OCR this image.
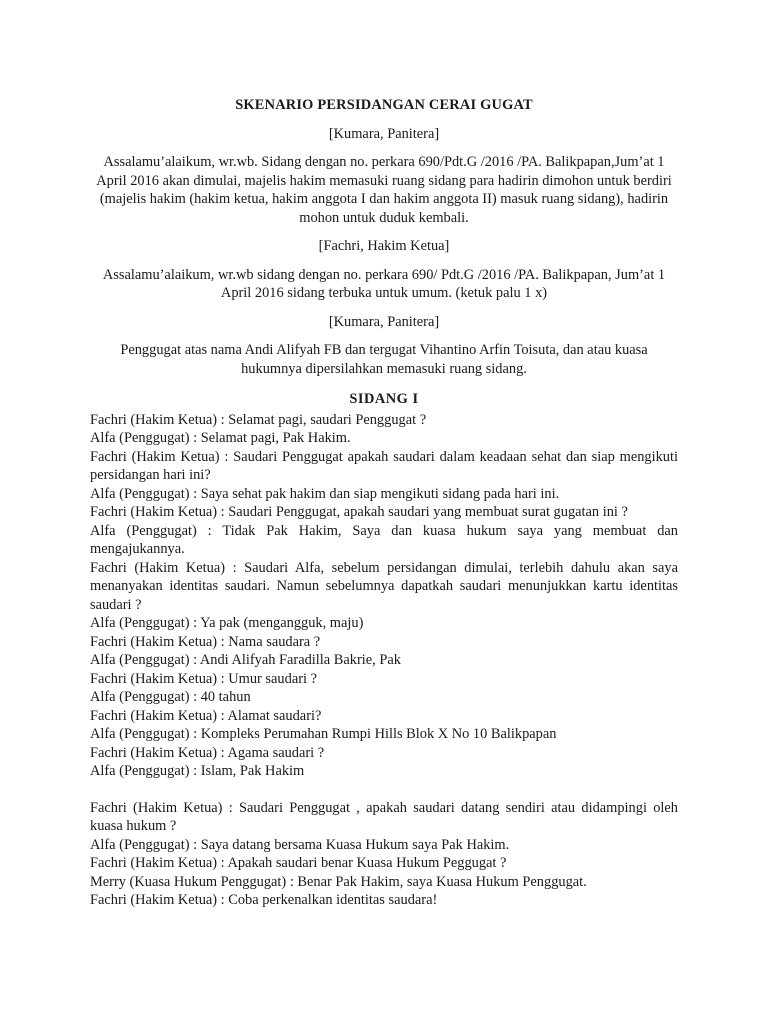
SKENARIO PERSIDANGAN CERAI GUGAT
[Kumara, Panitera]
Assalamu’alaikum, wr.wb. Sidang dengan no. perkara 690/Pdt.G /2016 /PA. Balikpapan,Jum’at 1 April 2016 akan dimulai, majelis hakim memasuki ruang sidang para hadirin dimohon untuk berdiri (majelis hakim (hakim ketua, hakim anggota I dan hakim anggota II) masuk ruang sidang), hadirin mohon untuk duduk kembali.
[Fachri, Hakim Ketua]
Assalamu’alaikum, wr.wb sidang dengan no. perkara 690/ Pdt.G /2016 /PA. Balikpapan, Jum’at 1 April 2016 sidang terbuka untuk umum. (ketuk palu 1 x)
[Kumara, Panitera]
Penggugat atas nama Andi Alifyah FB dan tergugat Vihantino Arfin Toisuta, dan atau kuasa hukumnya dipersilahkan memasuki ruang sidang.
SIDANG I
Fachri (Hakim Ketua) : Selamat pagi, saudari Penggugat ?
Alfa (Penggugat) : Selamat pagi, Pak Hakim.
Fachri (Hakim Ketua) : Saudari Penggugat apakah saudari dalam keadaan sehat dan siap mengikuti persidangan hari ini?
Alfa (Penggugat) : Saya sehat pak hakim dan siap mengikuti sidang pada hari ini.
Fachri (Hakim Ketua) : Saudari Penggugat, apakah saudari yang membuat surat gugatan ini ?
Alfa (Penggugat) : Tidak Pak Hakim, Saya dan kuasa hukum saya yang membuat dan mengajukannya.
Fachri (Hakim Ketua) : Saudari Alfa, sebelum persidangan dimulai, terlebih dahulu akan saya menanyakan identitas saudari. Namun sebelumnya dapatkah saudari menunjukkan kartu identitas saudari ?
Alfa (Penggugat) : Ya pak (mengangguk, maju)
Fachri (Hakim Ketua) : Nama saudara ?
Alfa (Penggugat) : Andi Alifyah Faradilla Bakrie, Pak
Fachri (Hakim Ketua) : Umur saudari ?
Alfa (Penggugat) : 40 tahun
Fachri (Hakim Ketua) : Alamat saudari?
Alfa (Penggugat) : Kompleks Perumahan Rumpi Hills Blok X No 10 Balikpapan
Fachri (Hakim Ketua) : Agama saudari ?
Alfa (Penggugat) : Islam, Pak Hakim
Fachri (Hakim Ketua) : Saudari Penggugat , apakah saudari datang sendiri atau didampingi oleh kuasa hukum ?
Alfa (Penggugat) : Saya datang bersama Kuasa Hukum saya Pak Hakim.
Fachri (Hakim Ketua) : Apakah saudari benar Kuasa Hukum Peggugat ?
Merry (Kuasa Hukum Penggugat) : Benar Pak Hakim, saya Kuasa Hukum Penggugat.
Fachri (Hakim Ketua) : Coba perkenalkan identitas saudara!
